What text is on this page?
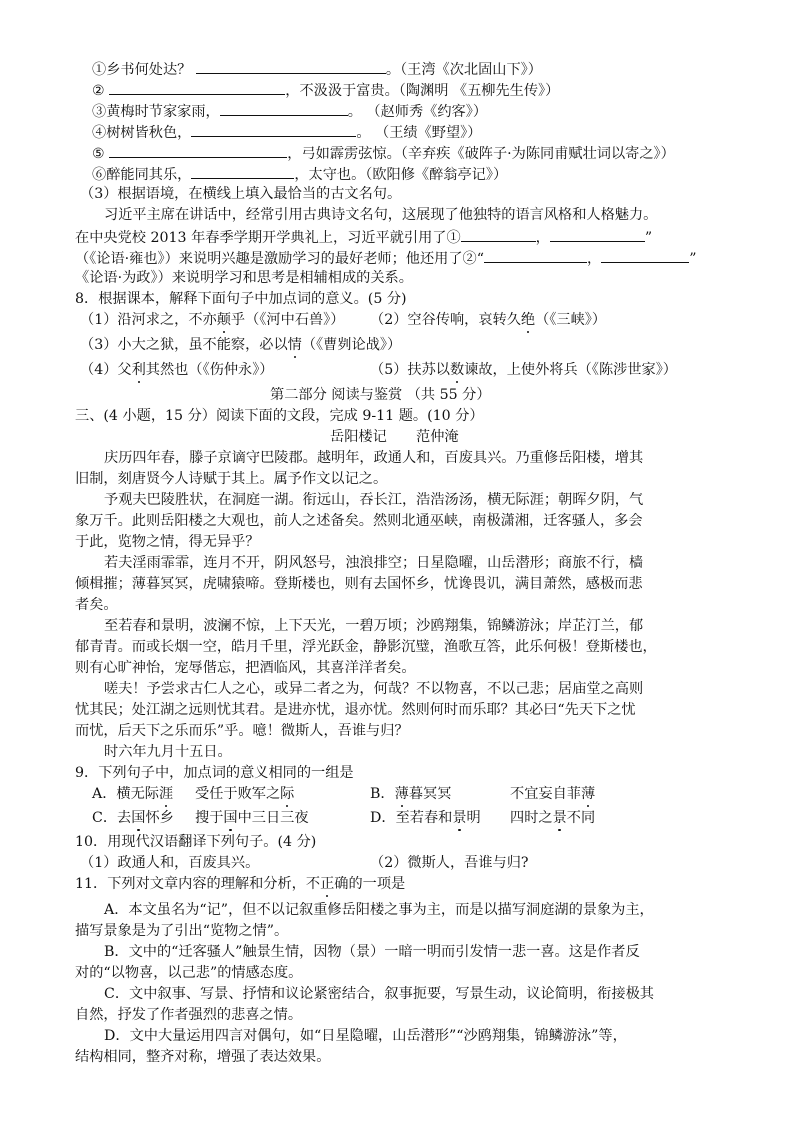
①乡书何处达？	。（王湾《次北固山下》）
②	，不汲汲于富贵。（陶渊明 《五柳先生传》）
③黄梅时节家家雨，	。 （赵师秀《约客》）
④树树皆秋色，	。 （王绩《野望》）
⑤	，弓如霹雳弦惊。（辛弃疾《破阵子·为陈同甫赋壮词以寄之》）
⑥醉能同其乐，	，太守也。（欧阳修《醉翁亭记》）
（3）根据语境，在横线上填入最恰当的古文名句。
习近平主席在讲话中，经常引用古典诗文名句，这展现了他独特的语言风格和人格魅力。
在中央党校 2013 年春季学期开学典礼上，习近平就引用了①	，	”
（《论语·雍也》）来说明兴趣是激励学习的最好老师；他还用了②“	，	”
《论语·为政》）来说明学习和思考是相辅相成的关系。
8．根据课本，解释下面句子中加点词的意义。(5 分)
（1）沿河求之，不亦颠乎（《河中石兽》） （2）空谷传响，哀转久绝（《三峡》）
（3）小大之狱，虽不能察，必以情（《曹刿论战》）
（4）父利其然也（《伤仲永》）	（5）扶苏以数谏故，上使外将兵（《陈涉世家》）
第二部分 阅读与鉴赏 （共 55 分）
三、(4 小题，15 分）阅读下面的文段，完成 9-11 题。(10 分）
岳阳楼记 范仲淹
庆历四年春，滕子京谪守巴陵郡。越明年，政通人和，百废具兴。乃重修岳阳楼，增其
旧制，刻唐贤今人诗赋于其上。属予作文以记之。
予观夫巴陵胜状，在洞庭一湖。衔远山，吞长江，浩浩汤汤，横无际涯；朝晖夕阴，气
象万千。此则岳阳楼之大观也，前人之述备矣。然则北通巫峡，南极潇湘，迁客骚人，多会
于此，览物之情，得无异乎？
若夫淫雨霏霏，连月不开，阴风怒号，浊浪排空；日星隐曜，山岳潜形；商旅不行，樯
倾楫摧；薄暮冥冥，虎啸猿啼。登斯楼也，则有去国怀乡，忧谗畏讥，满目萧然，感极而悲
者矣。
至若春和景明，波澜不惊，上下天光，一碧万顷；沙鸥翔集，锦鳞游泳；岸芷汀兰，郁
郁青青。而或长烟一空，皓月千里，浮光跃金，静影沉璧，渔歌互答，此乐何极！登斯楼也，
则有心旷神怡，宠辱偕忘，把酒临风，其喜洋洋者矣。
嗟夫！予尝求古仁人之心，或异二者之为，何哉？不以物喜，不以己悲；居庙堂之高则
忧其民；处江湖之远则忧其君。是进亦忧，退亦忧。然则何时而乐耶？其必曰“先天下之忧
而忧，后天下之乐而乐”乎。噫！微斯人，吾谁与归？
时六年九月十五日。
9．下列句子中，加点词的意义相同的一组是
A．横无际涯 受任于败军之际	B．薄暮冥冥	不宜妄自菲薄
C．去国怀乡 搜于国中三日三夜	D．至若春和景明 四时之景不同
10．用现代汉语翻译下列句子。(4 分)
（1）政通人和，百废具兴。	（2）微斯人，吾谁与归?
11．下列对文章内容的理解和分析，不正确的一项是
A．本文虽名为“记”，但不以记叙重修岳阳楼之事为主，而是以描写洞庭湖的景象为主，
描写景象是为了引出“览物之情”。
B．文中的“迁客骚人”触景生情，因物（景）一暗一明而引发情一悲一喜。这是作者反
对的“以物喜，以己悲”的情感态度。
C．文中叙事、写景、抒情和议论紧密结合，叙事扼要，写景生动，议论简明，衔接极其
自然，抒发了作者强烈的悲喜之情。
D．文中大量运用四言对偶句，如“日星隐曜，山岳潜形”“沙鸥翔集，锦鳞游泳”等，
结构相同，整齐对称，增强了表达效果。
